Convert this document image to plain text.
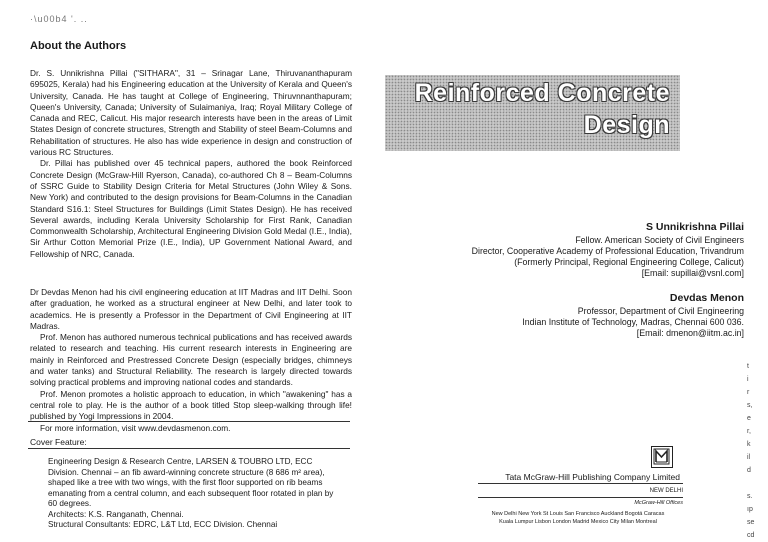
·\u00b4 '. ..
About the Authors

Dr. S. Unnikrishna Pillai ("SITHARA", 31 – Srinagar Lane, Thiruvananthapuram 695025, Kerala) had his Engineering education at the University of Kerala and Queen's University, Canada. He has taught at College of Engineering, Thiruvnnanthapuram; Queen's University, Canada; University of Sulaimaniya, Iraq; Royal Military College of Canada and REC, Calicut. His major research interests have been in the areas of Limit States Design of concrete structures, Strength and Stability of steel Beam-Columns and Rehabilitation of structures. He also has wide experience in design and construction of various RC Structures.

Dr. Pillai has published over 45 technical papers, authored the book Reinforced Concrete Design (McGraw-Hill Ryerson, Canada), co-authored Ch 8 – Beam-Columns of SSRC Guide to Stability Design Criteria for Metal Structures (John Wiley & Sons. New York) and contributed to the design provisions for Beam-Columns in the Canadian Standard S16.1: Steel Structures for Buildings (Limit States Design). He has received Several awards, including Kerala University Scholarship for First Rank, Canadian Commonwealth Scholarship, Architectural Engineering Division Gold Medal (I.E., India), Sir Arthur Cotton Memorial Prize (I.E., India), UP Government National Award, and Fellowship of NRC, Canada.

Dr Devdas Menon had his civil engineering education at IIT Madras and IIT Delhi. Soon after graduation, he worked as a structural engineer at New Delhi, and later took to academics. He is presently a Professor in the Department of Civil Engineering at IIT Madras.

Prof. Menon has authored numerous technical publications and has received awards related to research and teaching. His current research interests in Engineering are mainly in Reinforced and Prestressed Concrete Design (especially bridges, chimneys and water tanks) and Structural Reliability. The research is largely directed towards solving practical problems and improving national codes and standards.

Prof. Menon promotes a holistic approach to education, in which "awakening" has a central role to play. He is the author of a book titled Stop sleep-walking through life! published by Yogi Impressions in 2004.

For more information, visit www.devdasmenon.com.

Cover Feature:
Engineering Design & Research Centre, LARSEN & TOUBRO LTD, ECC Division. Chennai – an fib award-winning concrete structure (8 686 m² area), shaped like a tree with two wings, with the first floor supported on rib beams emanating from a central column, and each subsequent floor rotated in plan by 60 degrees.
Architects: K.S. Ranganath, Chennai.
Structural Consultants: EDRC, L&T Ltd, ECC Division. Chennai
Reinforced Concrete
Design
S Unnikrishna Pillai
Fellow. American Society of Civil Engineers
Director, Cooperative Academy of Professional Education, Trivandrum
(Formerly Principal, Regional Engineering College, Calicut)
[Email: supillai@vsnl.com]
Devdas Menon
Professor, Department of Civil Engineering
Indian Institute of Technology, Madras, Chennai 600 036.
[Email: dmenon@iitm.ac.in]
Tata McGraw-Hill Publishing Company Limited
NEW DELHI
McGraw-Hill Offices
New Delhi New York St Louis San Francisco Auckland Bogotá Caracas
Kuala Lumpur Lisbon London Madrid Mexico City Milan Montreal
t
i
r
s,
e
r,
k
il
d
s.
ıp
se
cd
